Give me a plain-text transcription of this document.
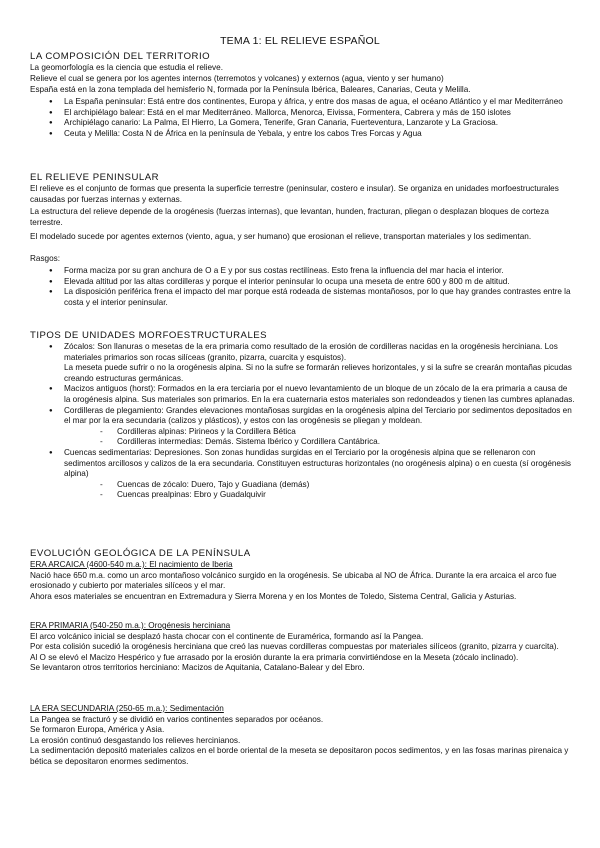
TEMA 1: EL RELIEVE ESPAÑOL
LA COMPOSICIÓN DEL TERRITORIO

La geomorfología es la ciencia que estudia el relieve.

Relieve el cual se genera por los agentes internos (terremotos y volcanes) y externos (agua, viento y ser humano)

España está en la zona templada del hemisferio N, formada por la Península Ibérica, Baleares, Canarias, Ceuta y Melilla.

● La España peninsular: Está entre dos continentes, Europa y áfrica, y entre dos masas de agua, el océano Atlántico y el mar Mediterráneo
● El archipiélago balear: Está en el mar Mediterráneo. Mallorca, Menorca, Eivissa, Formentera, Cabrera y más de 150 islotes
● Archipiélago canario: La Palma, El Hierro, La Gomera, Tenerife, Gran Canaria, Fuerteventura, Lanzarote y La Graciosa.
● Ceuta y Melilla: Costa N de África en la península de Yebala, y entre los cabos Tres Forcas y Agua
EL RELIEVE PENINSULAR

El relieve es el conjunto de formas que presenta la superficie terrestre (peninsular, costero e insular). Se organiza en unidades morfoestructurales causadas por fuerzas internas y externas.

La estructura del relieve depende de la orogénesis (fuerzas internas), que levantan, hunden, fracturan, pliegan o desplazan bloques de corteza terrestre.

El modelado sucede por agentes externos (viento, agua, y ser humano) que erosionan el relieve, transportan materiales y los sedimentan.

Rasgos:

● Forma maciza por su gran anchura de O a E y por sus costas rectilíneas. Esto frena la influencia del mar hacia el interior.
● Elevada altitud por las altas cordilleras y porque el interior peninsular lo ocupa una meseta de entre 600 y 800 m de altitud.
● La disposición periférica frena el impacto del mar porque está rodeada de sistemas montañosos, por lo que hay grandes contrastes entre la costa y el interior peninsular.
TIPOS DE UNIDADES MORFOESTRUCTURALES
● Zócalos: Son llanuras o mesetas de la era primaria como resultado de la erosión de cordilleras nacidas en la orogénesis herciniana. Los materiales primarios son rocas silíceas (granito, pizarra, cuarcita y esquistos).
La meseta puede sufrir o no la orogénesis alpina. Si no la sufre se formarán relieves horizontales, y si la sufre se crearán montañas picudas creando estructuras germánicas.
● Macizos antiguos (horst): Formados en la era terciaria por el nuevo levantamiento de un bloque de un zócalo de la era primaria a causa de la orogénesis alpina. Sus materiales son primarios. En la era cuaternaria estos materiales son redondeados y tienen las cumbres aplanadas.
● Cordilleras de plegamiento: Grandes elevaciones montañosas surgidas en la orogénesis alpina del Terciario por sedimentos depositados en el mar por la era secundaria (calizos y plásticos), y estos con las orogénesis se pliegan y moldean.
- Cordilleras alpinas: Pirineos y la Cordillera Bética
- Cordilleras intermedias: Demás. Sistema Ibérico y Cordillera Cantábrica.
● Cuencas sedimentarias: Depresiones. Son zonas hundidas surgidas en el Terciario por la orogénesis alpina que se rellenaron con sedimentos arcillosos y calizos de la era secundaria. Constituyen estructuras horizontales (no orogénesis alpina) o en cuesta (sí orogénesis alpina)
- Cuencas de zócalo: Duero, Tajo y Guadiana (demás)
- Cuencas prealpinas: Ebro y Guadalquivir
EVOLUCIÓN GEOLÓGICA DE LA PENÍNSULA
ERA ARCAICA (4600-540 m.a.): El nacimiento de Iberia
Nació hace 650 m.a. como un arco montañoso volcánico surgido en la orogénesis. Se ubicaba al NO de África. Durante la era arcaica el arco fue erosionado y cubierto por materiales silíceos y el mar.
Ahora esos materiales se encuentran en Extremadura y Sierra Morena y en los Montes de Toledo, Sistema Central, Galicia y Asturias.
ERA PRIMARIA (540-250 m.a.): Orogénesis herciniana
El arco volcánico inicial se desplazó hasta chocar con el continente de Euramérica, formando así la Pangea.
Por esta colisión sucedió la orogénesis herciniana que creó las nuevas cordilleras compuestas por materiales silíceos (granito, pizarra y cuarcita).
Al O se elevó el Macizo Hespérico y fue arrasado por la erosión durante la era primaria convirtiéndose en la Meseta (zócalo inclinado).
Se levantaron otros territorios herciniano: Macizos de Aquitania, Catalano-Balear y del Ebro.
LA ERA SECUNDARIA (250-65 m.a.): Sedimentación
La Pangea se fracturó y se dividió en varios continentes separados por océanos.
Se formaron Europa, América y Asia.
La erosión continuó desgastando los relieves hercinianos.
La sedimentación depositó materiales calizos en el borde oriental de la meseta se depositaron pocos sedimentos, y en las fosas marinas pirenaica y bética se depositaron enormes sedimentos.
